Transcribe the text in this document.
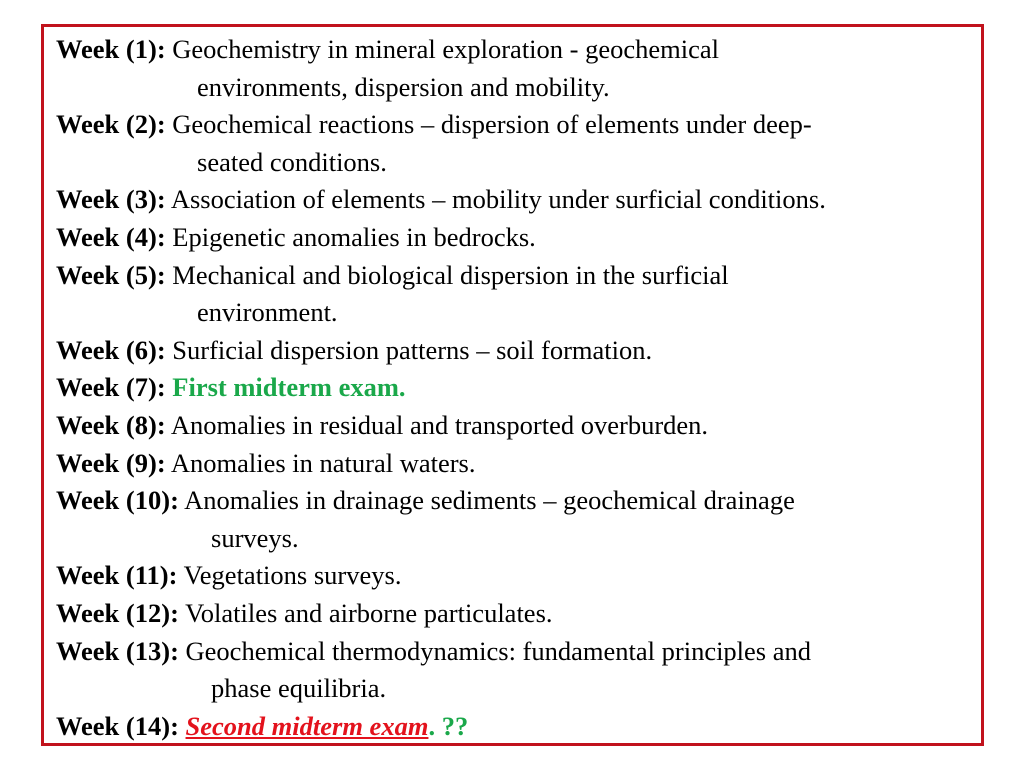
Week (1): Geochemistry in mineral exploration - geochemical
environments, dispersion and mobility.
Week (2): Geochemical reactions – dispersion of elements under deep-
seated conditions.
Week (3): Association of elements – mobility under surficial conditions.
Week (4): Epigenetic anomalies in bedrocks.
Week (5): Mechanical and biological dispersion in the surficial
environment.
Week (6): Surficial dispersion patterns – soil formation.
Week (7): First midterm exam.
Week (8): Anomalies in residual and transported overburden.
Week (9): Anomalies in natural waters.
Week (10): Anomalies in drainage sediments – geochemical drainage
surveys.
Week (11): Vegetations surveys.
Week (12): Volatiles and airborne particulates.
Week (13): Geochemical thermodynamics: fundamental principles and
phase equilibria.
Week (14): Second midterm exam. ??
